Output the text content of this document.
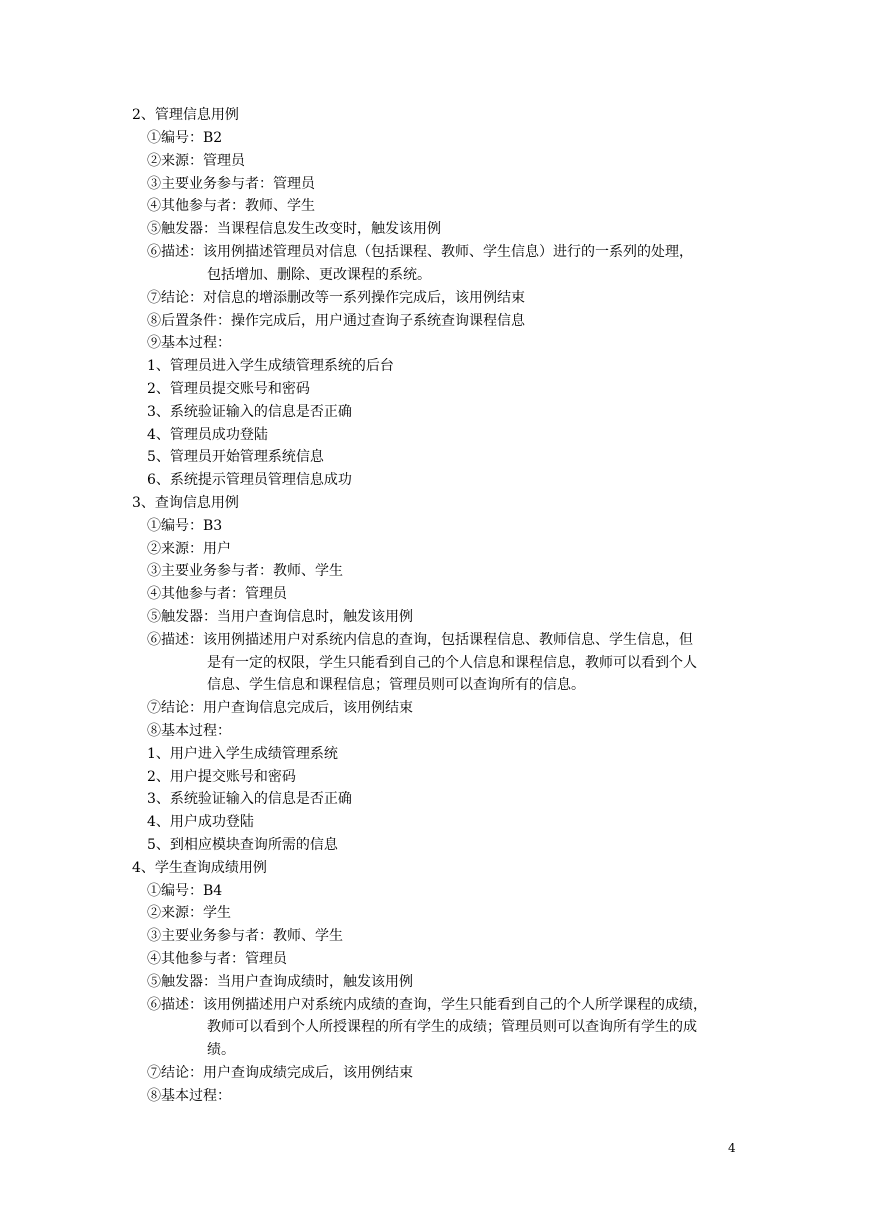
2、管理信息用例
①编号：B2
②来源：管理员
③主要业务参与者：管理员
④其他参与者：教师、学生
⑤触发器：当课程信息发生改变时，触发该用例
⑥描述：该用例描述管理员对信息（包括课程、教师、学生信息）进行的一系列的处理，
包括增加、删除、更改课程的系统。
⑦结论：对信息的增添删改等一系列操作完成后，该用例结束
⑧后置条件：操作完成后，用户通过查询子系统查询课程信息
⑨基本过程：
1、管理员进入学生成绩管理系统的后台
2、管理员提交账号和密码
3、系统验证输入的信息是否正确
4、管理员成功登陆
5、管理员开始管理系统信息
6、系统提示管理员管理信息成功
3、查询信息用例
①编号：B3
②来源：用户
③主要业务参与者：教师、学生
④其他参与者：管理员
⑤触发器：当用户查询信息时，触发该用例
⑥描述：该用例描述用户对系统内信息的查询，包括课程信息、教师信息、学生信息，但
是有一定的权限，学生只能看到自己的个人信息和课程信息，教师可以看到个人
信息、学生信息和课程信息；管理员则可以查询所有的信息。
⑦结论：用户查询信息完成后，该用例结束
⑧基本过程：
1、用户进入学生成绩管理系统
2、用户提交账号和密码
3、系统验证输入的信息是否正确
4、用户成功登陆
5、到相应模块查询所需的信息
4、学生查询成绩用例
①编号：B4
②来源：学生
③主要业务参与者：教师、学生
④其他参与者：管理员
⑤触发器：当用户查询成绩时，触发该用例
⑥描述：该用例描述用户对系统内成绩的查询，学生只能看到自己的个人所学课程的成绩，
教师可以看到个人所授课程的所有学生的成绩；管理员则可以查询所有学生的成
绩。
⑦结论：用户查询成绩完成后，该用例结束
⑧基本过程：
4
